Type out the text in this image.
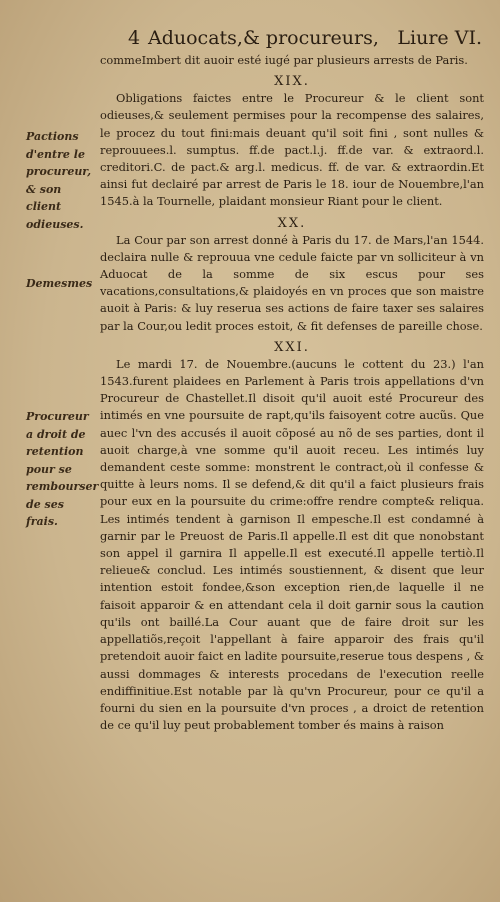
4 Aduocats,& procureurs, Liure VI.
Pactions d'entre le procureur, & son client odieuses.
Demesmes
Procureur a droit de retention pour se rembourser de ses frais.

commeImbert dit auoir esté iugé par plusieurs arrests de Paris.

XIX.

Obligations faictes entre le Procureur & le client sont odieuses,& seulement permises pour la recompense des salaires, le procez du tout fini:mais deuant qu'il soit fini , sont nulles & reprouuees.l. sumptus. ff.de pact.l.j. ff.de var. & extraord.l. creditori.C. de pact.& arg.l. medicus. ff. de var. & extraordin.Et ainsi fut declairé par arrest de Paris le 18. iour de Nouembre,l'an 1545.à la Tournelle, plaidant monsieur Riant pour le client.

XX.

La Cour par son arrest donné à Paris du 17. de Mars,l'an 1544. declaira nulle & reprouua vne cedule faicte par vn solliciteur à vn Aduocat de la somme de six escus pour ses vacations,consultations,& plaidoyés en vn proces que son maistre auoit à Paris: & luy reserua ses actions de faire taxer ses salaires par la Cour,ou ledit proces estoit, & fit defenses de pareille chose.

XXI.

Le mardi 17. de Nouembre.(aucuns le cottent du 23.) l'an 1543.furent plaidees en Parlement à Paris trois appellations d'vn Procureur de Chastellet.Il disoit qu'il auoit esté Procureur des intimés en vne poursuite de rapt,qu'ils faisoyent cotre aucũs. Que auec l'vn des accusés il auoit cõposé au nõ de ses parties, dont il auoit charge,à vne somme qu'il auoit receu. Les intimés luy demandent ceste somme: monstrent le contract,où il confesse & quitte à leurs noms. Il se defend,& dit qu'il a faict plusieurs frais pour eux en la poursuite du crime:offre rendre compte& reliqua. Les intimés tendent à garnison Il empesche.Il est condamné à garnir par le Preuost de Paris.Il appelle.Il est dit que nonobstant son appel il garnira Il appelle.Il est executé.Il appelle tertiò.Il relieue& conclud. Les intimés soustiennent, & disent que leur intention estoit fondee,&son exception rien,de laquelle il ne faisoit apparoir & en attendant cela il doit garnir sous la caution qu'ils ont baillé.La Cour auant que de faire droit sur les appellatiõs,reçoit l'appellant à faire apparoir des frais qu'il pretendoit auoir faict en ladite poursuite,reserue tous despens , & aussi dommages & interests procedans de l'execution reelle endiffinitiue.Est notable par là qu'vn Procureur, pour ce qu'il a fourni du sien en la poursuite d'vn proces , a droict de retention de ce qu'il luy peut probablement tomber és mains à raison
